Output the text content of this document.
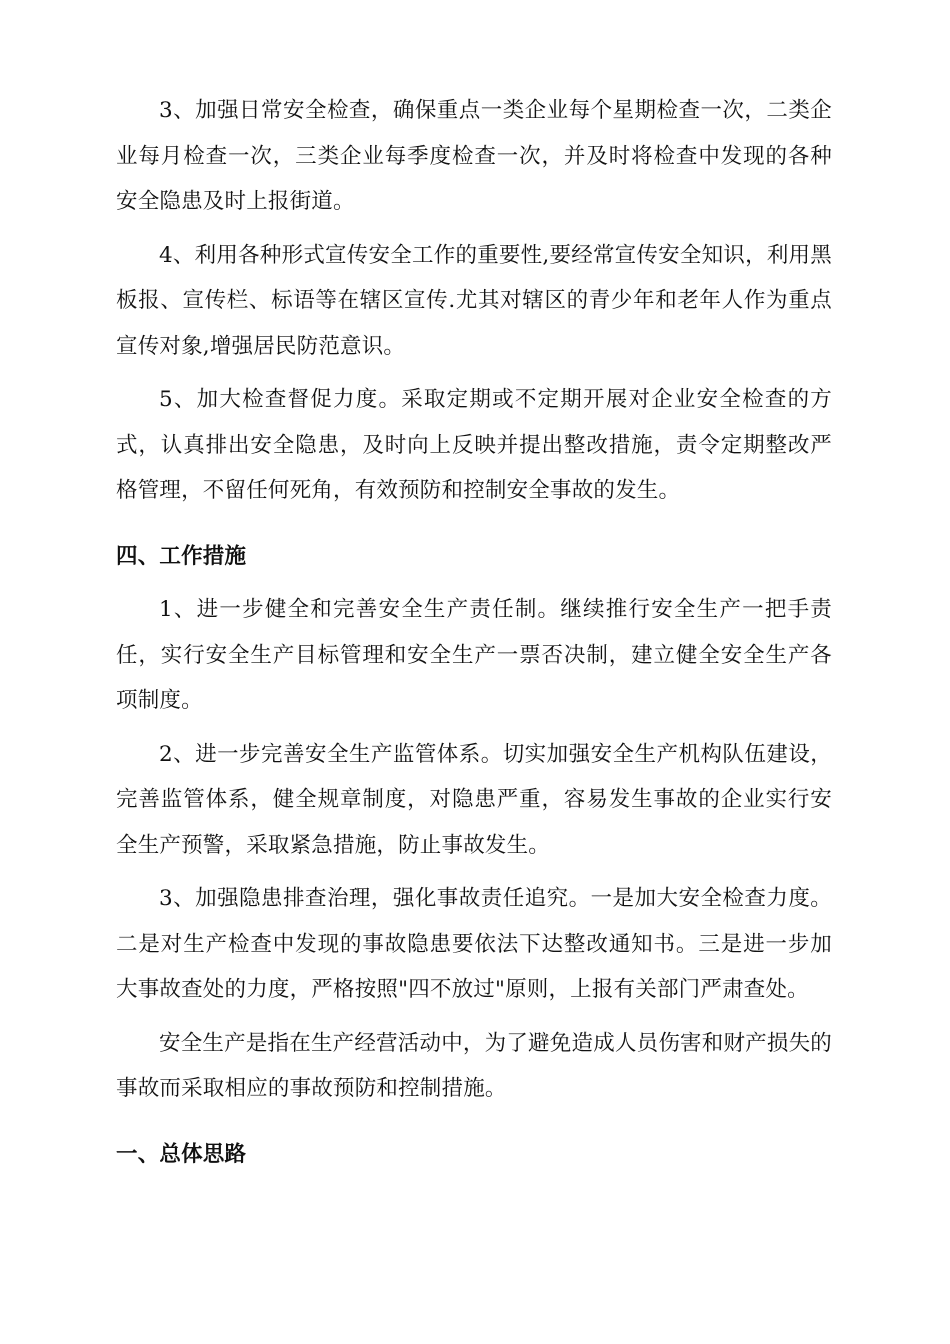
3、加强日常安全检查，确保重点一类企业每个星期检查一次，二类企业每月检查一次，三类企业每季度检查一次，并及时将检查中发现的各种安全隐患及时上报街道。

4、利用各种形式宣传安全工作的重要性,要经常宣传安全知识，利用黑板报、宣传栏、标语等在辖区宣传.尤其对辖区的青少年和老年人作为重点宣传对象,增强居民防范意识。

5、加大检查督促力度。采取定期或不定期开展对企业安全检查的方式，认真排出安全隐患，及时向上反映并提出整改措施，责令定期整改严格管理，不留任何死角，有效预防和控制安全事故的发生。

四、工作措施

1、进一步健全和完善安全生产责任制。继续推行安全生产一把手责任，实行安全生产目标管理和安全生产一票否决制，建立健全安全生产各项制度。

2、进一步完善安全生产监管体系。切实加强安全生产机构队伍建设，完善监管体系，健全规章制度，对隐患严重，容易发生事故的企业实行安全生产预警，采取紧急措施，防止事故发生。

3、加强隐患排查治理，强化事故责任追究。一是加大安全检查力度。二是对生产检查中发现的事故隐患要依法下达整改通知书。三是进一步加大事故查处的力度，严格按照"四不放过"原则，上报有关部门严肃查处。

安全生产是指在生产经营活动中，为了避免造成人员伤害和财产损失的事故而采取相应的事故预防和控制措施。

一、总体思路
